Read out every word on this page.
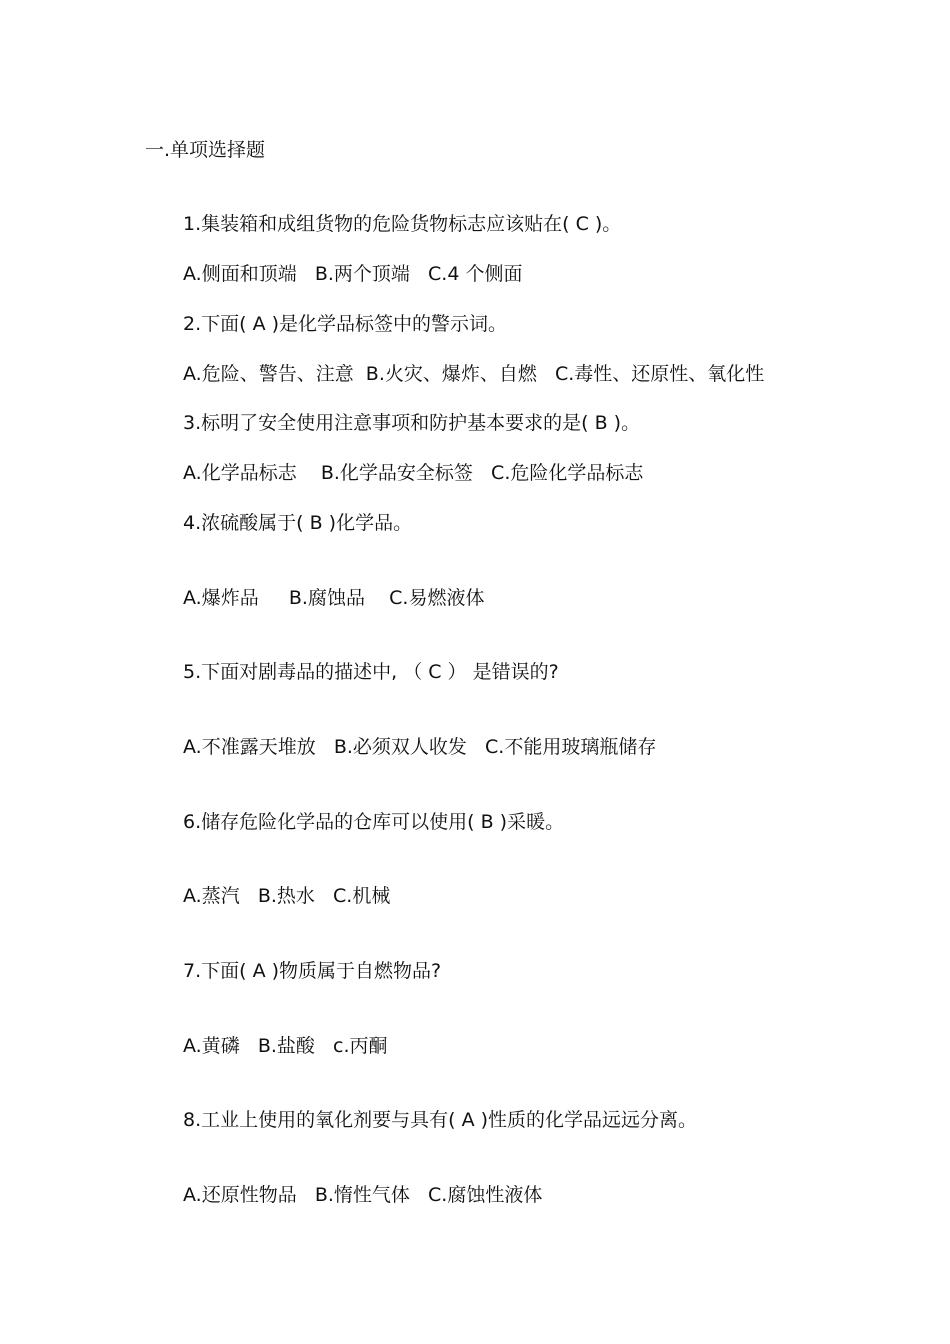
一.单项选择题
1.集装箱和成组货物的危险货物标志应该贴在( C )。
A.侧面和顶端   B.两个顶端   C.4 个侧面
2.下面( A )是化学品标签中的警示词。
A.危险、警告、注意  B.火灾、爆炸、自燃   C.毒性、还原性、氧化性
3.标明了安全使用注意事项和防护基本要求的是( B )。
A.化学品标志    B.化学品安全标签   C.危险化学品标志
4.浓硫酸属于( B )化学品。
A.爆炸品     B.腐蚀品    C.易燃液体
5.下面对剧毒品的描述中, （ C ） 是错误的?
A.不准露天堆放   B.必须双人收发   C.不能用玻璃瓶储存
6.储存危险化学品的仓库可以使用( B )采暖。
A.蒸汽   B.热水   C.机械
7.下面( A )物质属于自燃物品?
A.黄磷   B.盐酸   c.丙酮
8.工业上使用的氧化剂要与具有( A )性质的化学品远远分离。
A.还原性物品   B.惰性气体   C.腐蚀性液体
